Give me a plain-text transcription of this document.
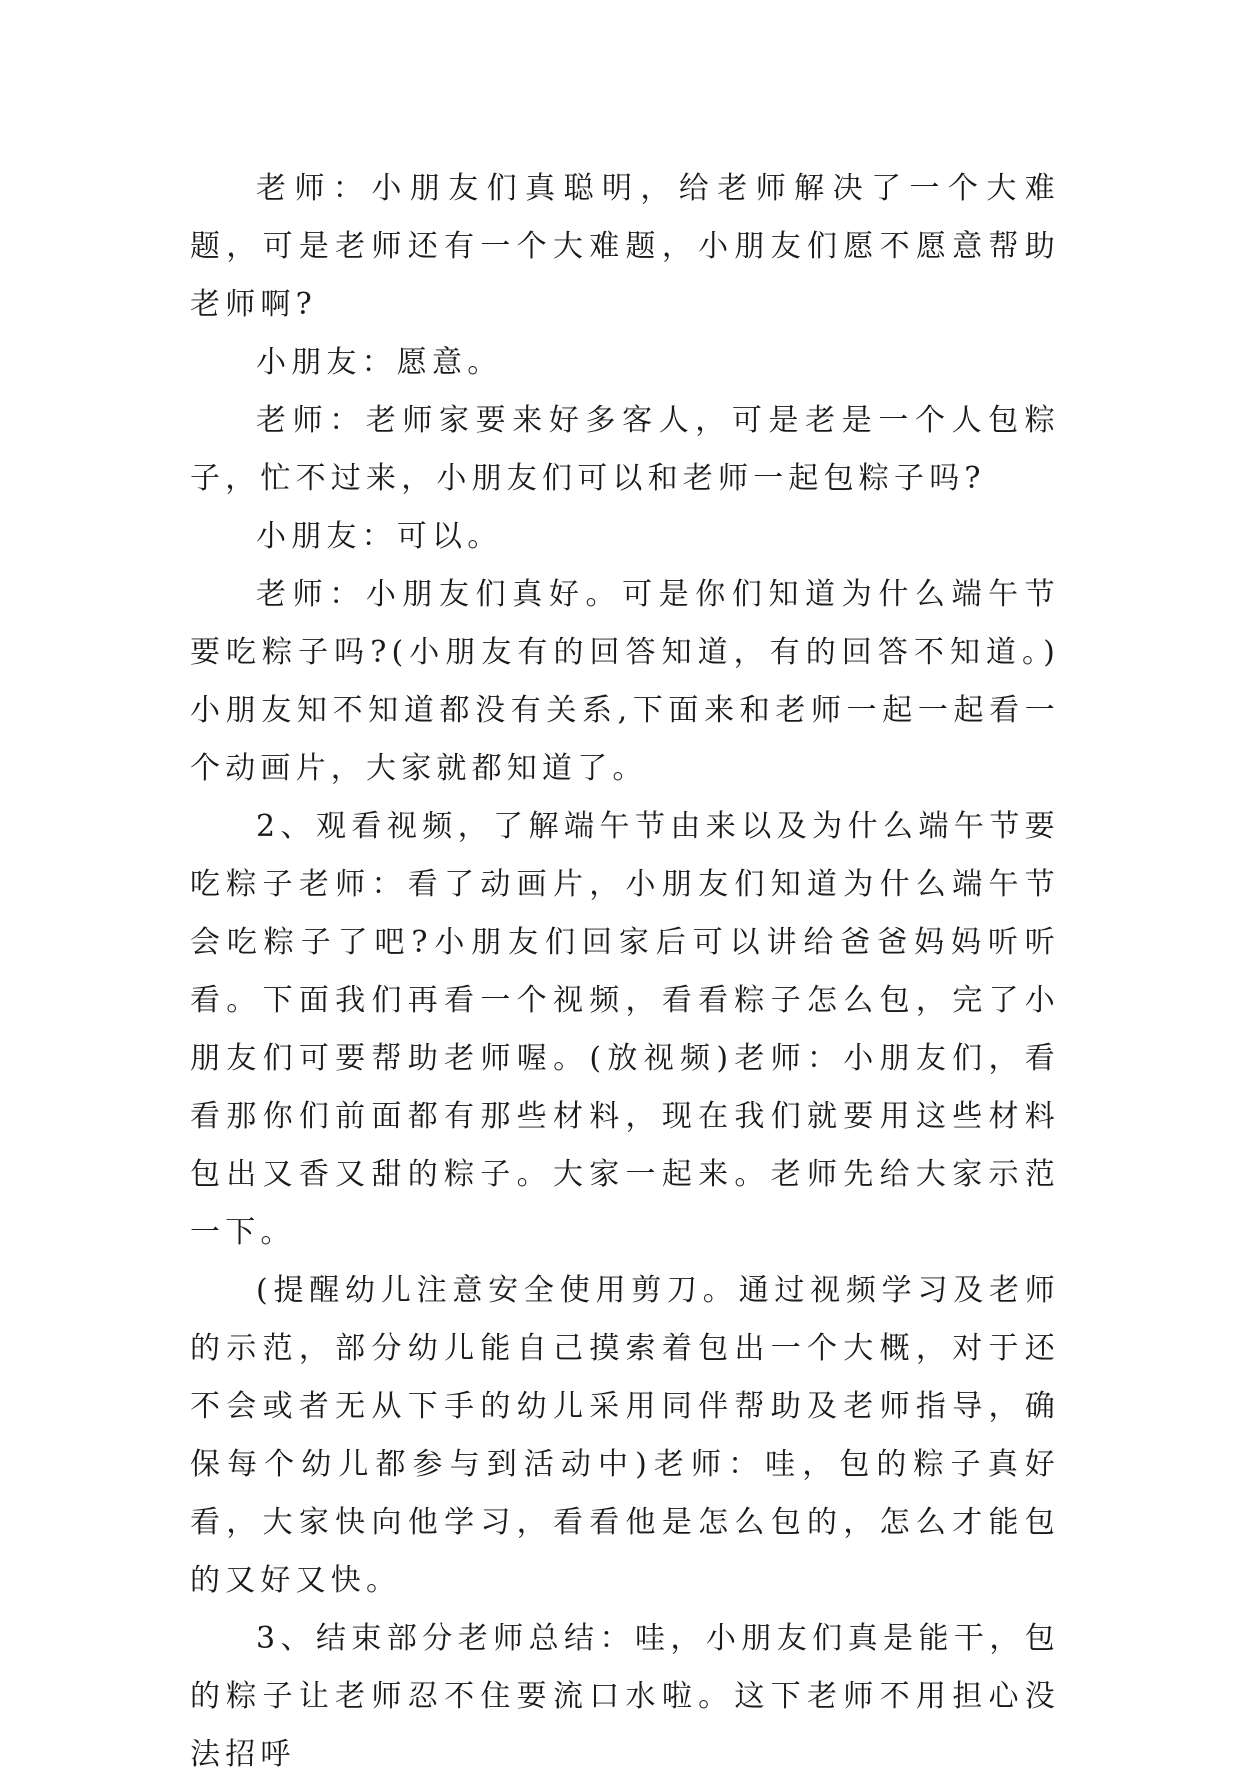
老师：小朋友们真聪明，给老师解决了一个大难题，可是老师还有一个大难题，小朋友们愿不愿意帮助老师啊?

小朋友：愿意。

老师：老师家要来好多客人，可是老是一个人包粽子，忙不过来，小朋友们可以和老师一起包粽子吗?

小朋友：可以。

老师：小朋友们真好。可是你们知道为什么端午节要吃粽子吗?(小朋友有的回答知道，有的回答不知道。)小朋友知不知道都没有关系,下面来和老师一起一起看一个动画片，大家就都知道了。

2、观看视频，了解端午节由来以及为什么端午节要吃粽子老师：看了动画片，小朋友们知道为什么端午节会吃粽子了吧?小朋友们回家后可以讲给爸爸妈妈听听看。下面我们再看一个视频，看看粽子怎么包，完了小朋友们可要帮助老师喔。(放视频)老师：小朋友们，看看那你们前面都有那些材料，现在我们就要用这些材料包出又香又甜的粽子。大家一起来。老师先给大家示范一下。

(提醒幼儿注意安全使用剪刀。通过视频学习及老师的示范，部分幼儿能自己摸索着包出一个大概，对于还不会或者无从下手的幼儿采用同伴帮助及老师指导，确保每个幼儿都参与到活动中)老师：哇，包的粽子真好看，大家快向他学习，看看他是怎么包的，怎么才能包的又好又快。

3、结束部分老师总结：哇，小朋友们真是能干，包的粽子让老师忍不住要流口水啦。这下老师不用担心没法招呼
